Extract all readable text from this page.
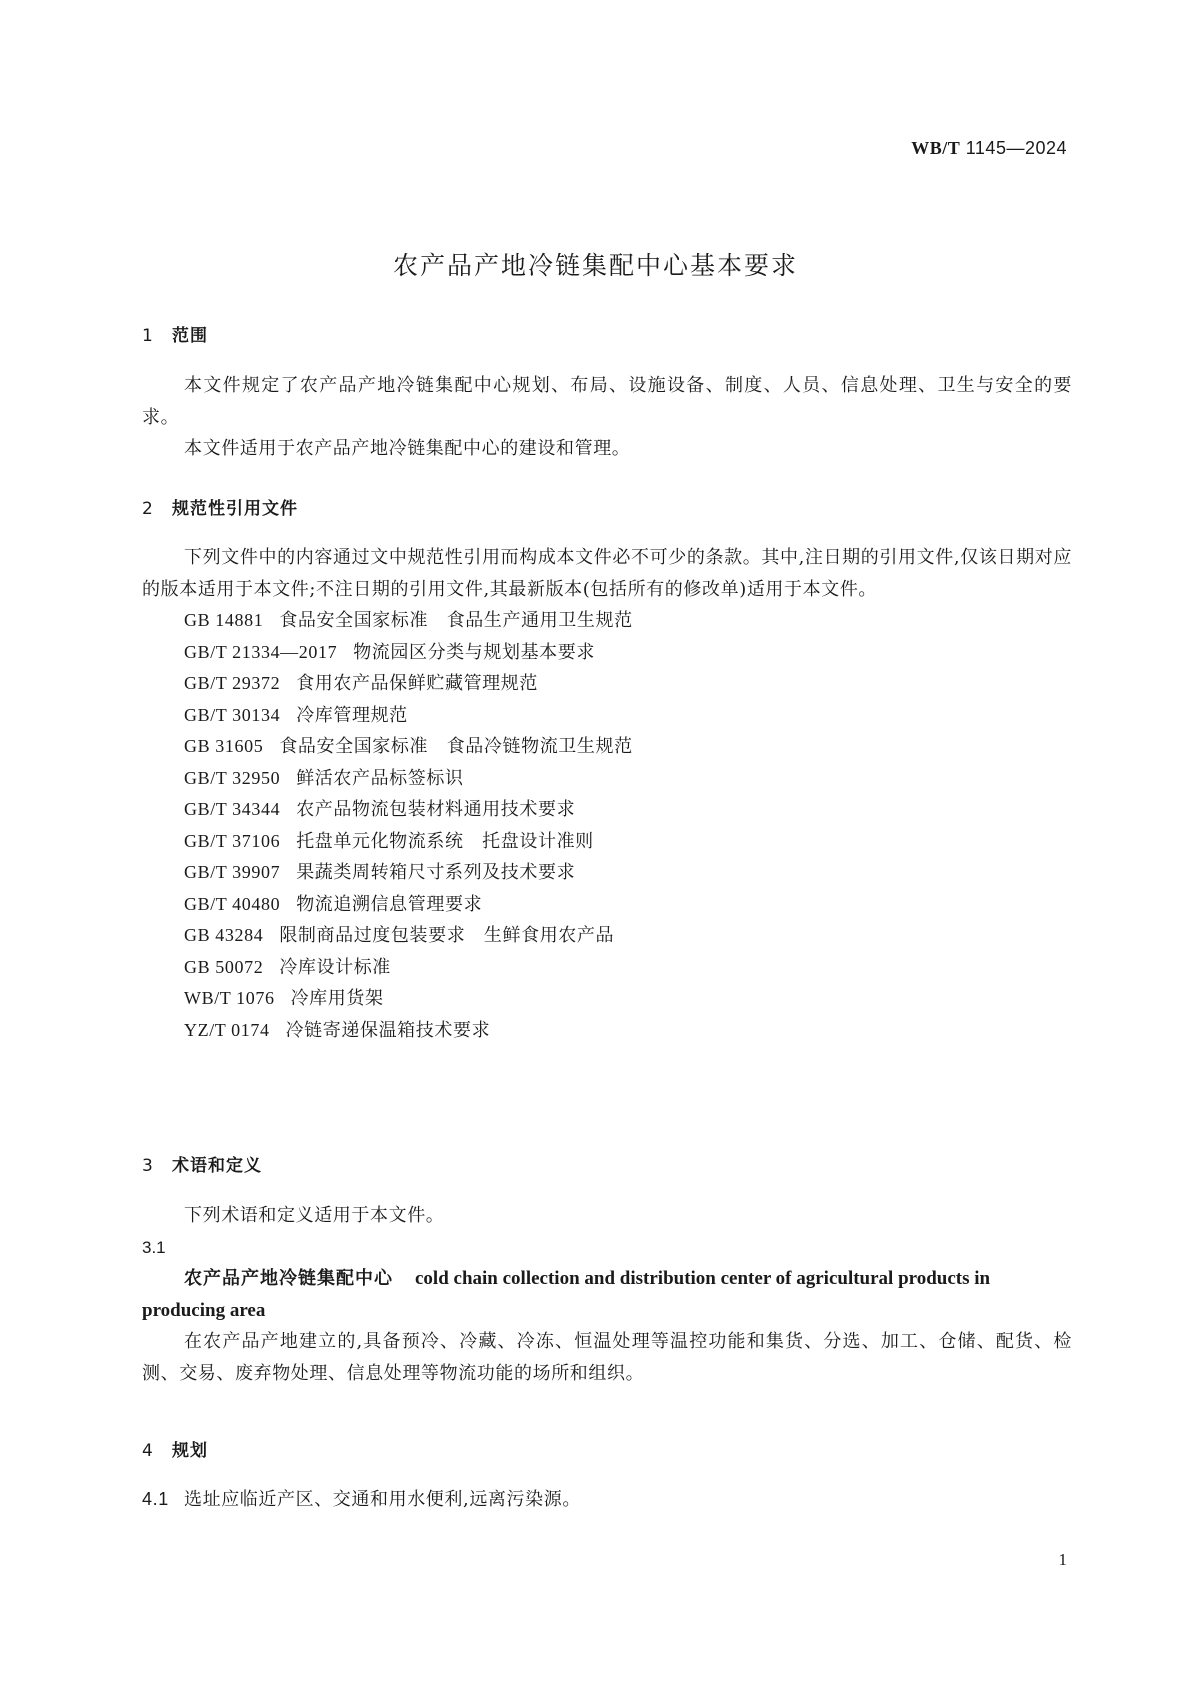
WB/T 1145—2024
农产品产地冷链集配中心基本要求
1 范围
本文件规定了农产品产地冷链集配中心规划、布局、设施设备、制度、人员、信息处理、卫生与安全的要求。
本文件适用于农产品产地冷链集配中心的建设和管理。
2 规范性引用文件
下列文件中的内容通过文中规范性引用而构成本文件必不可少的条款。其中,注日期的引用文件,仅该日期对应的版本适用于本文件;不注日期的引用文件,其最新版本(包括所有的修改单)适用于本文件。
GB 14881 食品安全国家标准　食品生产通用卫生规范
GB/T 21334—2017 物流园区分类与规划基本要求
GB/T 29372 食用农产品保鲜贮藏管理规范
GB/T 30134 冷库管理规范
GB 31605 食品安全国家标准　食品冷链物流卫生规范
GB/T 32950 鲜活农产品标签标识
GB/T 34344 农产品物流包装材料通用技术要求
GB/T 37106 托盘单元化物流系统　托盘设计准则
GB/T 39907 果蔬类周转箱尺寸系列及技术要求
GB/T 40480 物流追溯信息管理要求
GB 43284 限制商品过度包装要求　生鲜食用农产品
GB 50072 冷库设计标准
WB/T 1076 冷库用货架
YZ/T 0174 冷链寄递保温箱技术要求
3 术语和定义
下列术语和定义适用于本文件。
3.1
农产品产地冷链集配中心 cold chain collection and distribution center of agricultural products in producing area
在农产品产地建立的,具备预冷、冷藏、冷冻、恒温处理等温控功能和集货、分选、加工、仓储、配货、检测、交易、废弃物处理、信息处理等物流功能的场所和组织。
4 规划
4.1 选址应临近产区、交通和用水便利,远离污染源。
1
